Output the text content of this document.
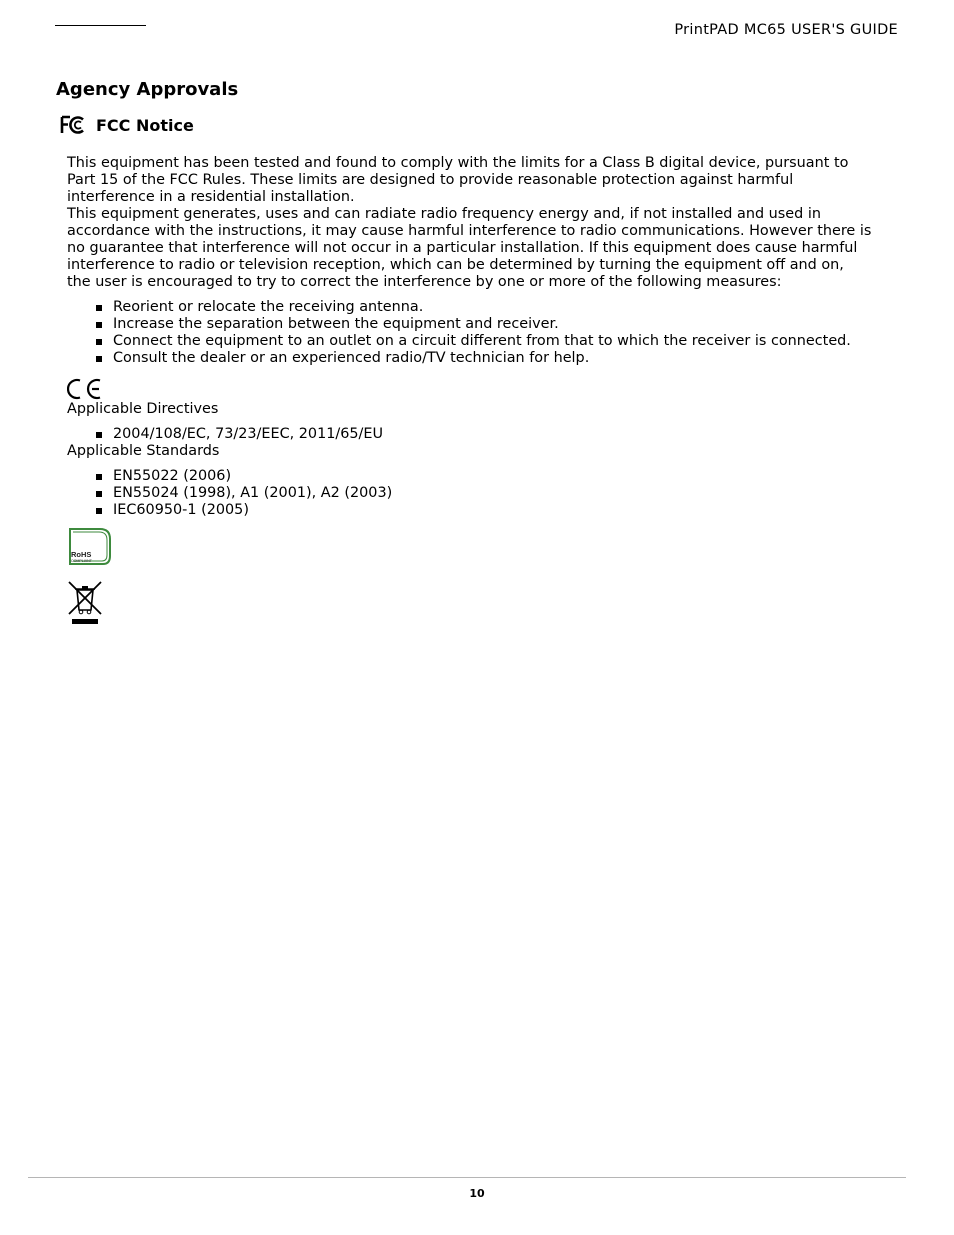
PrintPAD MC65 USER'S GUIDE
Agency Approvals
FCC Notice

This equipment has been tested and found to comply with the limits for a Class B digital device, pursuant to Part 15 of the FCC Rules. These limits are designed to provide reasonable protection against harmful interference in a residential installation.

This equipment generates, uses and can radiate radio frequency energy and, if not installed and used in accordance with the instructions, it may cause harmful interference to radio communications. However there is no guarantee that interference will not occur in a particular installation. If this equipment does cause harmful interference to radio or television reception, which can be determined by turning the equipment off and on, the user is encouraged to try to correct the interference by one or more of the following measures:

Reorient or relocate the receiving antenna.
Increase the separation between the equipment and receiver.
Connect the equipment to an outlet on a circuit different from that to which the receiver is connected.
Consult the dealer or an experienced radio/TV technician for help.

Applicable Directives

2004/108/EC, 73/23/EEC, 2011/65/EU

Applicable Standards

EN55022 (2006)
EN55024 (1998), A1 (2001), A2 (2003)
IEC60950-1 (2005)
RoHS
COMPLIANT
10
